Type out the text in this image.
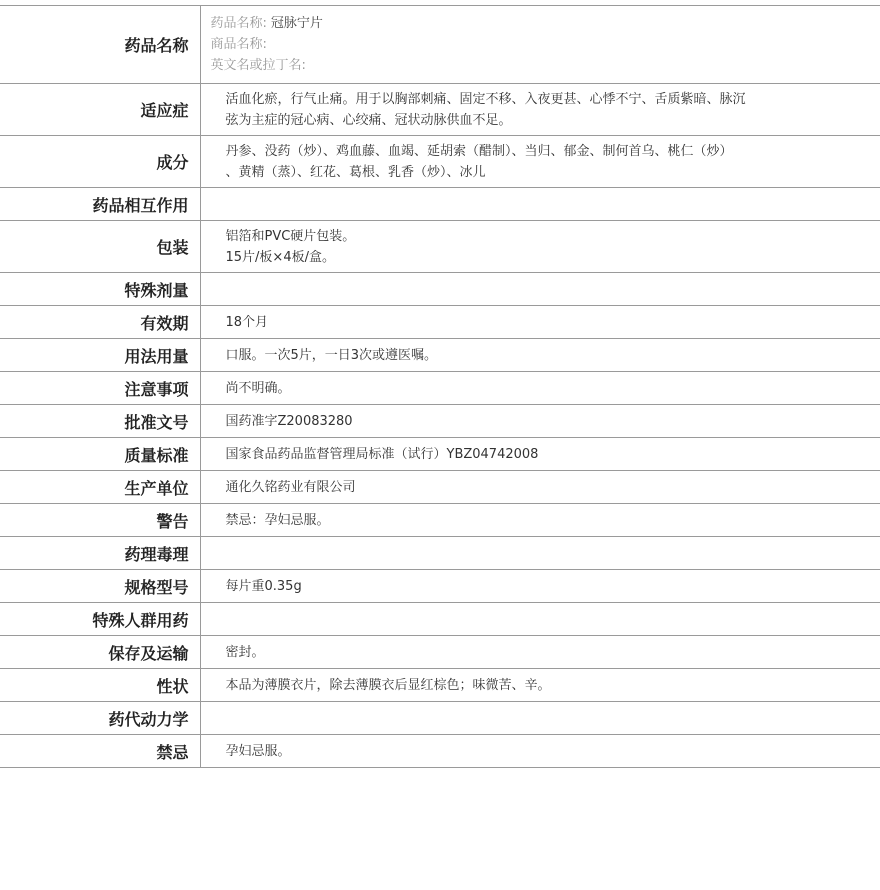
药品名称	药品名称: 冠脉宁片
商品名称:
英文名或拉丁名:

适应症	活血化瘀，行气止痛。用于以胸部刺痛、固定不移、入夜更甚、心悸不宁、舌质紫暗、脉沉
弦为主症的冠心病、心绞痛、冠状动脉供血不足。

成分	丹参、没药（炒）、鸡血藤、血竭、延胡索（醋制）、当归、郁金、制何首乌、桃仁（炒）
、黄精（蒸）、红花、葛根、乳香（炒）、冰儿

药品相互作用	

包装	铝箔和PVC硬片包装。
15片/板×4板/盒。

特殊剂量	

有效期	18个月

用法用量	口服。一次5片，一日3次或遵医嘱。

注意事项	尚不明确。

批准文号	国药准字Z20083280

质量标准	国家食品药品监督管理局标准（试行）YBZ04742008

生产单位	通化久铭药业有限公司

警告	禁忌：孕妇忌服。

药理毒理	

规格型号	每片重0.35g

特殊人群用药	

保存及运输	密封。

性状	本品为薄膜衣片，除去薄膜衣后显红棕色；味微苦、辛。

药代动力学	

禁忌	孕妇忌服。
